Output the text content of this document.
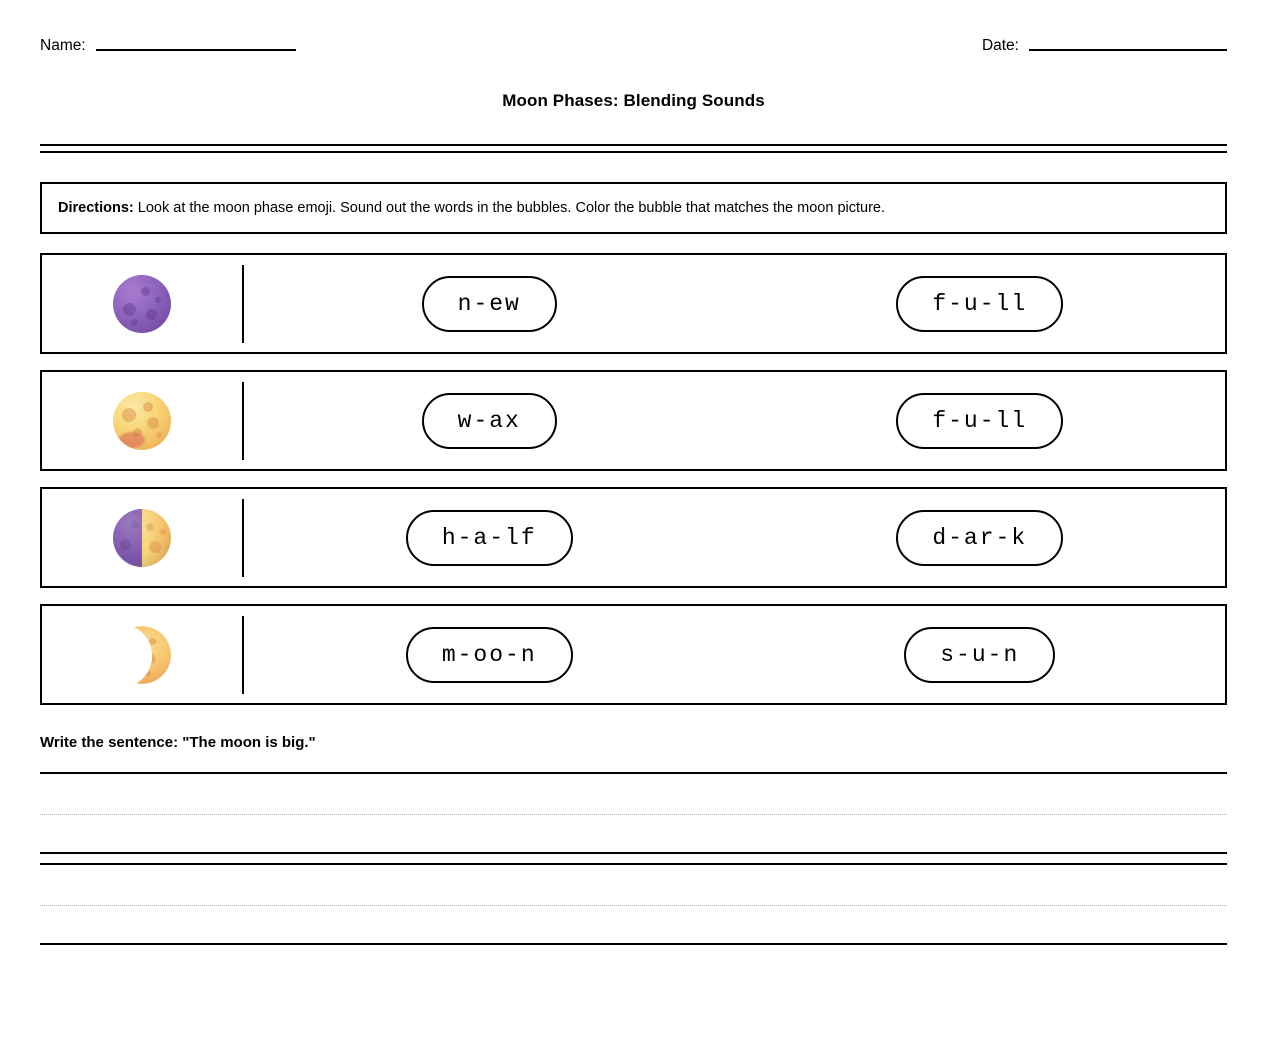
Name:	Date:
Moon Phases: Blending Sounds
Directions: Look at the moon phase emoji. Sound out the words in the bubbles. Color the bubble that matches the moon picture.
n-ew	f-u-ll
w-ax	f-u-ll
h-a-lf	d-ar-k
m-oo-n	s-u-n
Write the sentence: "The moon is big."
